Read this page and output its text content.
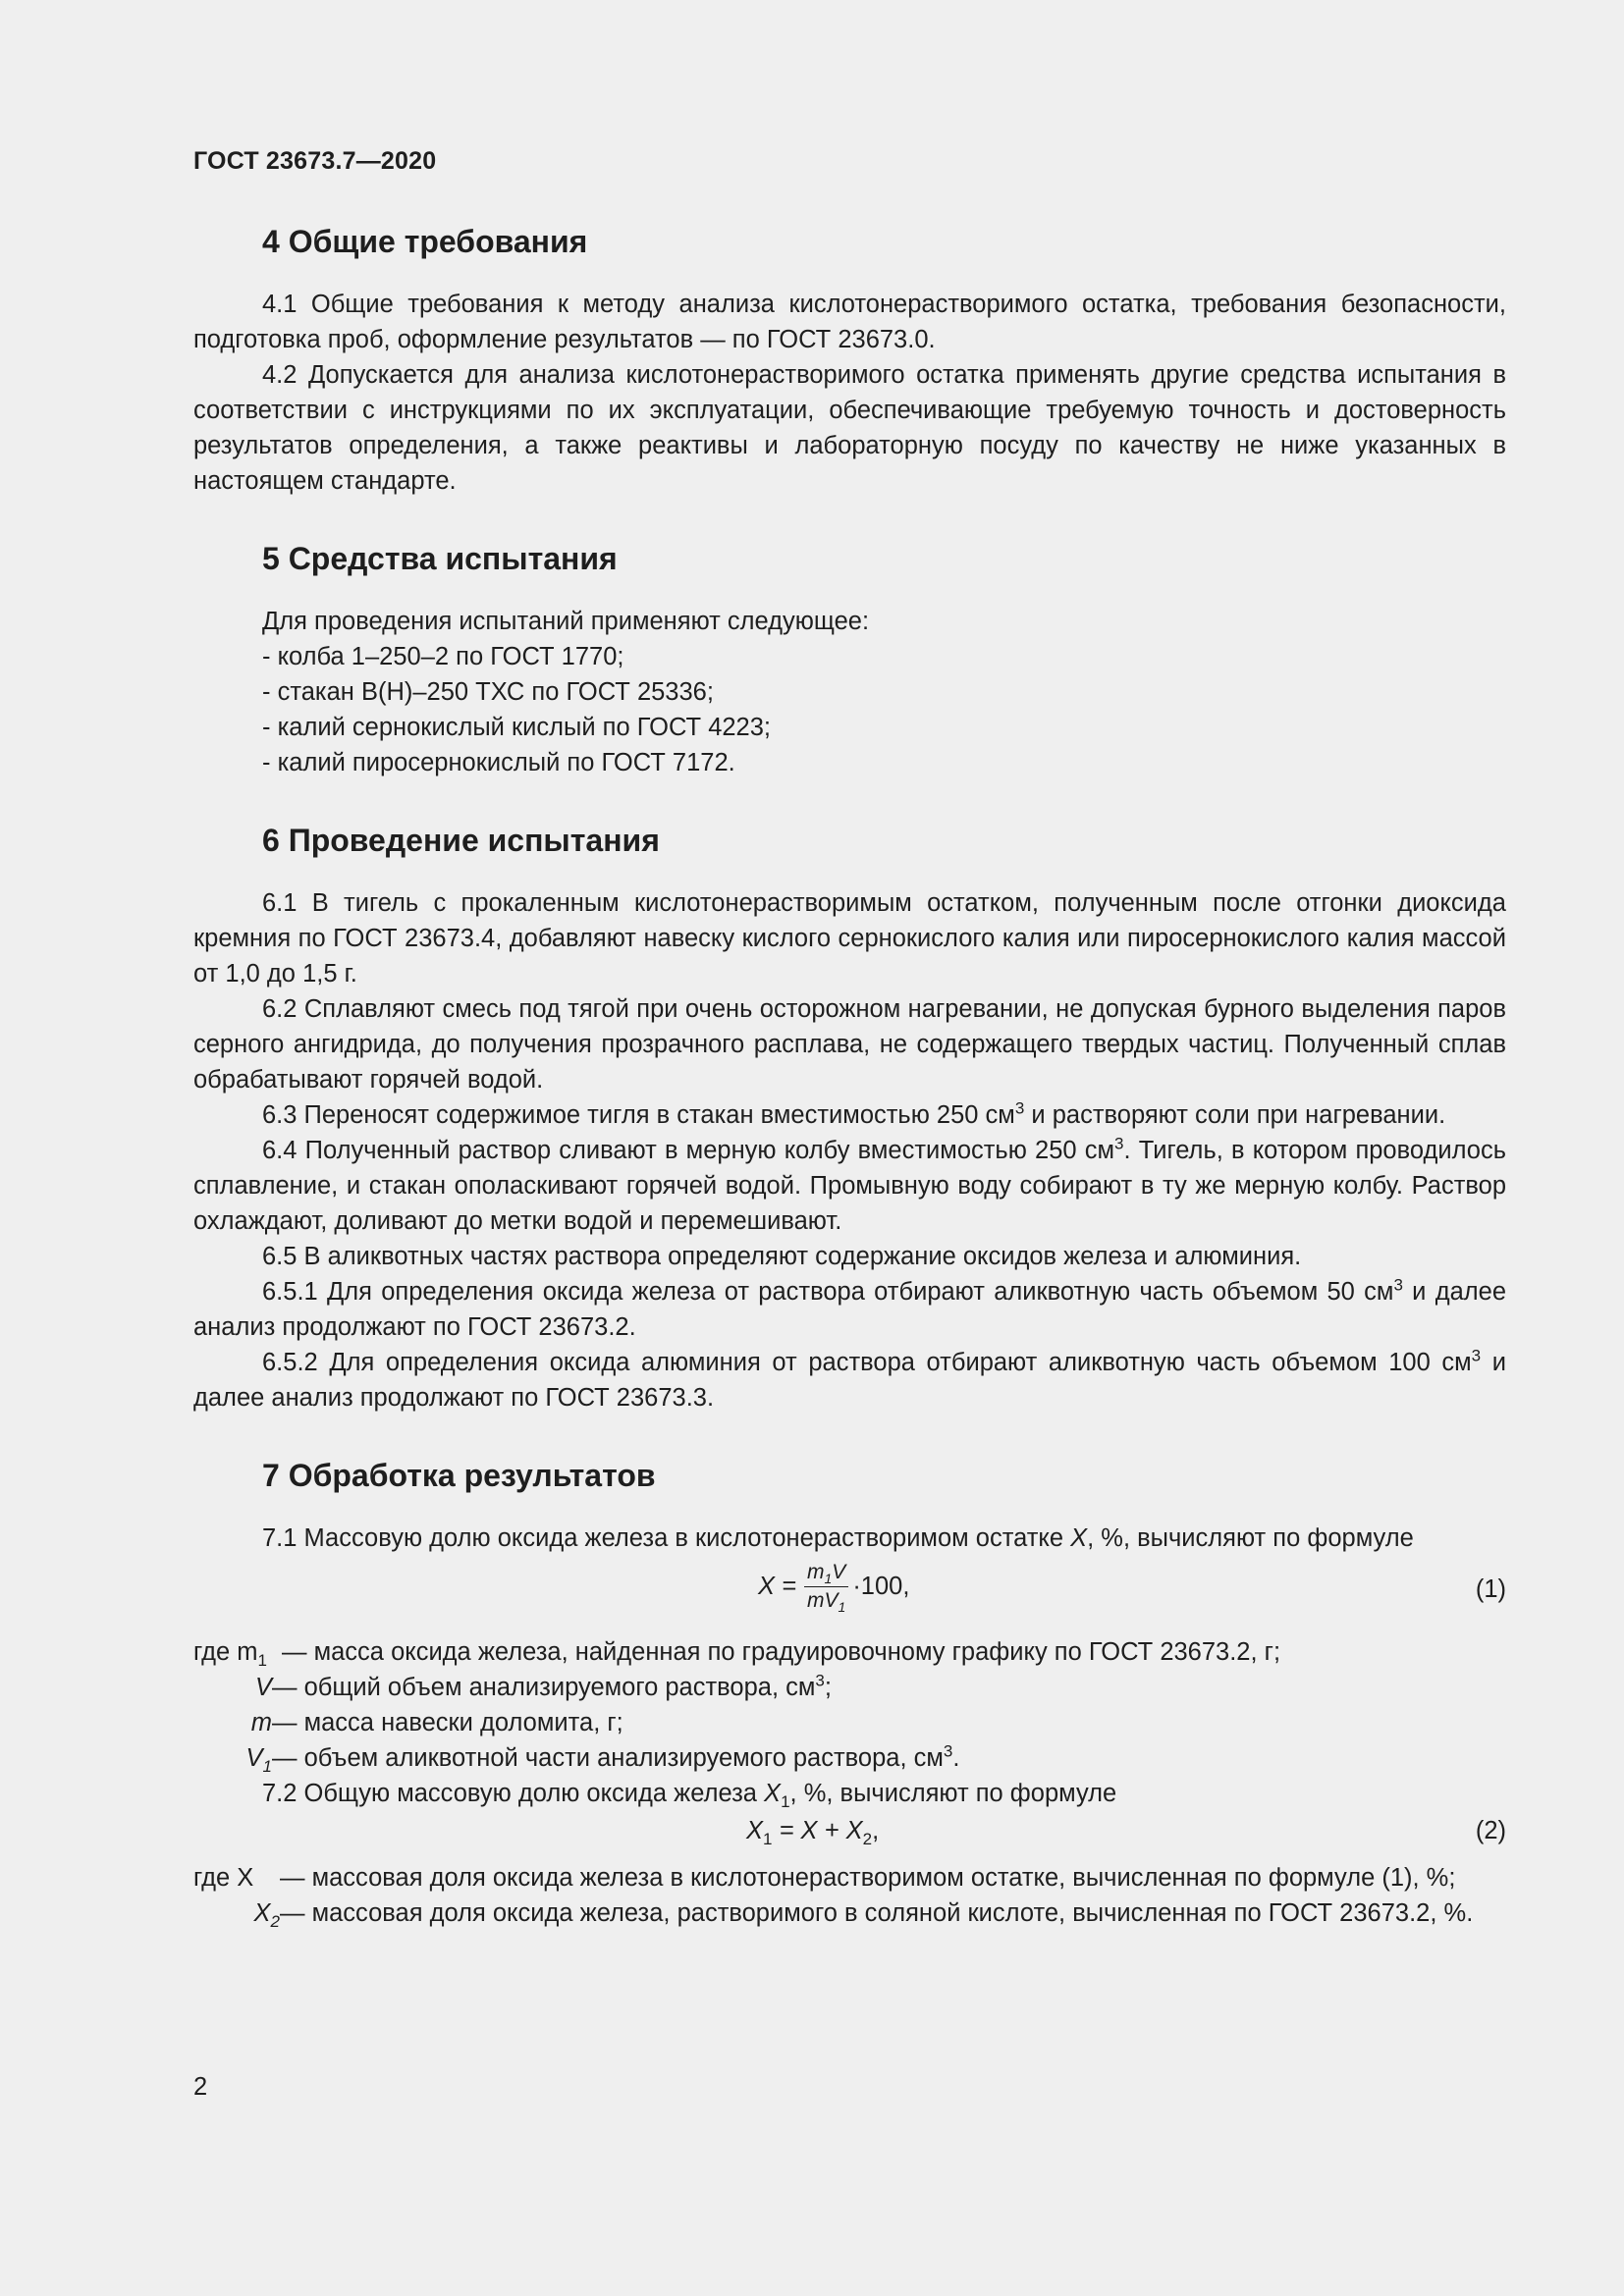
ГОСТ 23673.7—2020
4 Общие требования

4.1 Общие требования к методу анализа кислотонерастворимого остатка, требования безопасности, подготовка проб, оформление результатов — по ГОСТ 23673.0.

4.2 Допускается для анализа кислотонерастворимого остатка применять другие средства испытания в соответствии с инструкциями по их эксплуатации, обеспечивающие требуемую точность и достоверность результатов определения, а также реактивы и лабораторную посуду по качеству не ниже указанных в настоящем стандарте.

5 Средства испытания

Для проведения испытаний применяют следующее:

- колба 1–250–2 по ГОСТ 1770;

- стакан В(Н)–250 ТХС по ГОСТ 25336;

- калий сернокислый кислый по ГОСТ 4223;

- калий пиросернокислый по ГОСТ 7172.

6 Проведение испытания

6.1 В тигель с прокаленным кислотонерастворимым остатком, полученным после отгонки диоксида кремния по ГОСТ 23673.4, добавляют навеску кислого сернокислого калия или пиросернокислого калия массой от 1,0 до 1,5 г.

6.2 Сплавляют смесь под тягой при очень осторожном нагревании, не допуская бурного выделения паров серного ангидрида, до получения прозрачного расплава, не содержащего твердых частиц. Полученный сплав обрабатывают горячей водой.

6.3 Переносят содержимое тигля в стакан вместимостью 250 $см^3$ и растворяют соли при нагревании.

6.4 Полученный раствор сливают в мерную колбу вместимостью 250 $см^3$. Тигель, в котором проводилось сплавление, и стакан ополаскивают горячей водой. Промывную воду собирают в ту же мерную колбу. Раствор охлаждают, доливают до метки водой и перемешивают.

6.5 В аликвотных частях раствора определяют содержание оксидов железа и алюминия.

6.5.1 Для определения оксида железа от раствора отбирают аликвотную часть объемом 50 $см^3$ и далее анализ продолжают по ГОСТ 23673.2.

6.5.2 Для определения оксида алюминия от раствора отбирают аликвотную часть объемом 100 $см^3$ и далее анализ продолжают по ГОСТ 23673.3.

7 Обработка результатов

7.1 Массовую долю оксида железа в кислотонерастворимом остатке X, %, вычисляют по формуле

$X = \frac{m_1V}{mV_1} \cdot 100$,	(1)
где $m_1$ — масса оксида железа, найденная по градуировочному графику по ГОСТ 23673.2, г;
V — общий объем анализируемого раствора, $см^3$;
m — масса навески доломита, г;
$V_1$ — объем аликвотной части анализируемого раствора, $см^3$.

7.2 Общую массовую долю оксида железа $X_1$, %, вычисляют по формуле

$X_1 = X + X_2$,	(2)
где X	— массовая доля оксида железа в кислотонерастворимом остатке, вычисленная по формуле (1), %;
$X_2$ — массовая доля оксида железа, растворимого в соляной кислоте, вычисленная по ГОСТ 23673.2, %.
2
